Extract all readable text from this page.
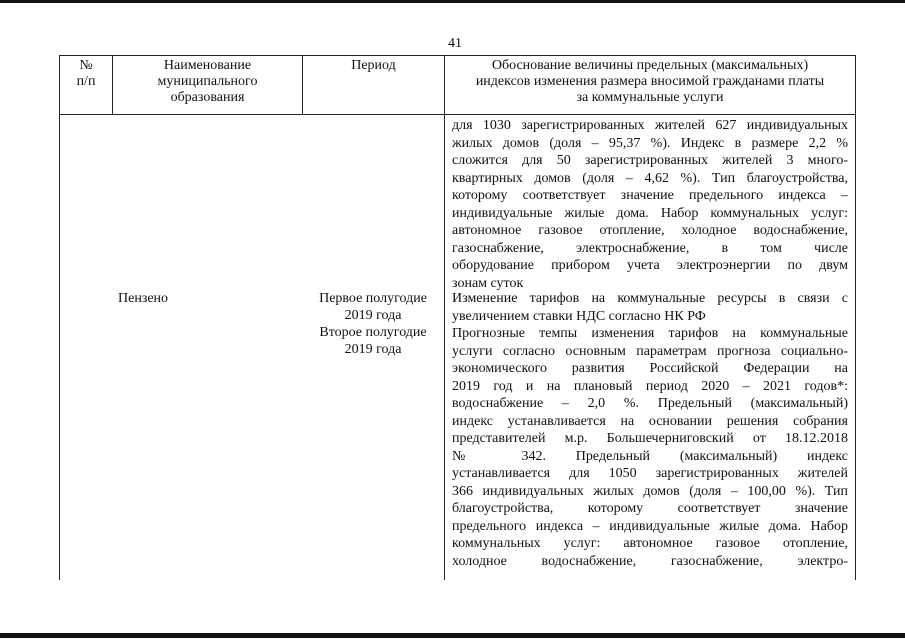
41
№
п/п
Наименование
муниципального
образования
Период	Обоснование величины предельных (максимальных)
индексов изменения размера вносимой гражданами платы
за коммунальные услуги
для 1030 зарегистрированных жителей 627 индивидуальных
жилых домов (доля – 95,37 %). Индекс в размере 2,2 %
сложится для 50 зарегистрированных жителей 3 много-
квартирных домов (доля – 4,62 %). Тип благоустройства,
которому соответствует значение предельного индекса –
индивидуальные жилые дома. Набор коммунальных услуг:
автономное газовое отопление, холодное водоснабжение,
газоснабжение, электроснабжение, в том числе
оборудование прибором учета электроэнергии по двум
зонам суток
Пензено	Первое полугодие
2019 года
Второе полугодие
2019 года
Изменение тарифов на коммунальные ресурсы в связи с
увеличением ставки НДС согласно НК РФ
Прогнозные темпы изменения тарифов на коммунальные
услуги согласно основным параметрам прогноза социально-
экономического развития Российской Федерации на
2019 год и на плановый период 2020 – 2021 годов*:
водоснабжение – 2,0 %. Предельный (максимальный)
индекс устанавливается на основании решения собрания
представителей м.р. Большечерниговский от 18.12.2018
№ 342. Предельный (максимальный) индекс
устанавливается для 1050 зарегистрированных жителей
366 индивидуальных жилых домов (доля – 100,00 %). Тип
благоустройства, которому соответствует значение
предельного индекса – индивидуальные жилые дома. Набор
коммунальных услуг: автономное газовое отопление,
холодное водоснабжение, газоснабжение, электро-
